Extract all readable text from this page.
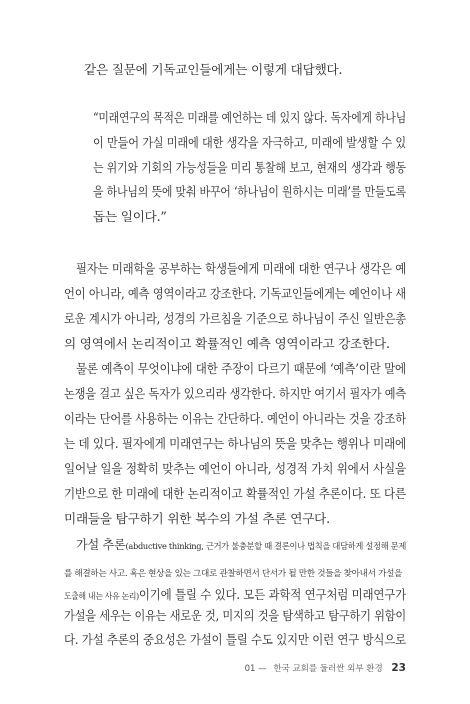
같은 질문에 기독교인들에게는 이렇게 대답했다.
“미래연구의 목적은 미래를 예언하는 데 있지 않다. 독자에게 하나님
이 만들어 가실 미래에 대한 생각을 자극하고, 미래에 발생할 수 있
는 위기와 기회의 가능성들을 미리 통찰해 보고, 현재의 생각과 행동
을 하나님의 뜻에 맞춰 바꾸어 ‘하나님이 원하시는 미래’를 만들도록
돕는 일이다.”
필자는 미래학을 공부하는 학생들에게 미래에 대한 연구나 생각은 예
언이 아니라, 예측 영역이라고 강조한다. 기독교인들에게는 예언이나 새
로운 계시가 아니라, 성경의 가르침을 기준으로 하나님이 주신 일반은총
의 영역에서 논리적이고 확률적인 예측 영역이라고 강조한다.
물론 예측이 무엇이냐에 대한 주장이 다르기 때문에 ‘예측’이란 말에
논쟁을 걸고 싶은 독자가 있으리라 생각한다. 하지만 여기서 필자가 예측
이라는 단어를 사용하는 이유는 간단하다. 예언이 아니라는 것을 강조하
는 데 있다. 필자에게 미래연구는 하나님의 뜻을 맞추는 행위나 미래에
일어날 일을 정확히 맞추는 예언이 아니라, 성경적 가치 위에서 사실을
기반으로 한 미래에 대한 논리적이고 확률적인 가설 추론이다. 또 다른
미래들을 탐구하기 위한 복수의 가설 추론 연구다.
가설 추론(abductive thinking, 근거가 불충분할 때 결론이나 법칙을 대담하게 설정해 문제
를 해결하는 사고. 혹은 현상을 있는 그대로 관찰하면서 단서가 될 만한 것들을 찾아내서 가설을
도출해 내는 사유 논리)이기에 틀릴 수 있다. 모든 과학적 연구처럼 미래연구가
가설을 세우는 이유는 새로운 것, 미지의 것을 탐색하고 탐구하기 위함이
다. 가설 추론의 중요성은 가설이 틀릴 수도 있지만 이런 연구 방식으로
01 — 한국 교회를 둘러싼 외부 환경 23
